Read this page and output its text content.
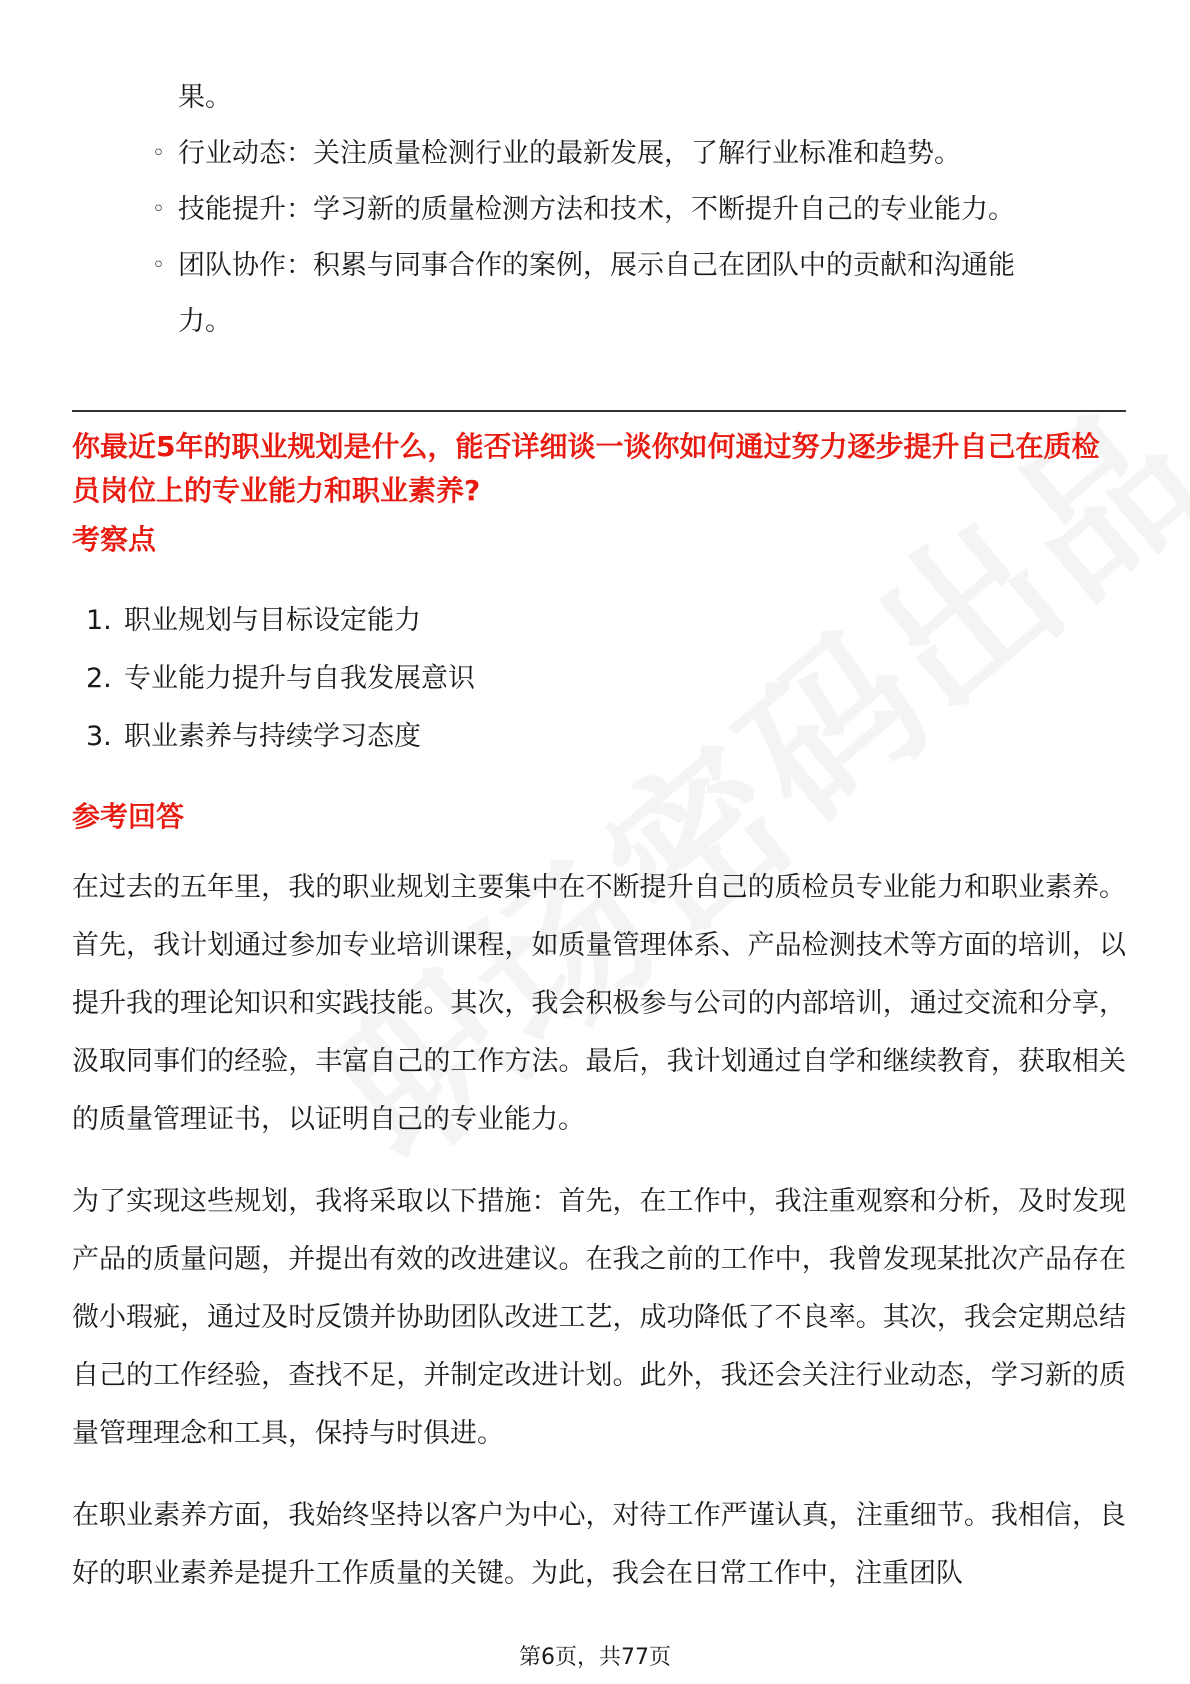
果。
◦ 行业动态：关注质量检测行业的最新发展，了解行业标准和趋势。
◦ 技能提升：学习新的质量检测方法和技术，不断提升自己的专业能力。
◦ 团队协作：积累与同事合作的案例，展示自己在团队中的贡献和沟通能
力。
你最近5年的职业规划是什么，能否详细谈一谈你如何通过努力逐步提升自己在质检员岗位上的专业能力和职业素养?
考察点
1. 职业规划与目标设定能力
2. 专业能力提升与自我发展意识
3. 职业素养与持续学习态度
参考回答
在过去的五年里，我的职业规划主要集中在不断提升自己的质检员专业能力和职业素养。首先，我计划通过参加专业培训课程，如质量管理体系、产品检测技术等方面的培训，以提升我的理论知识和实践技能。其次，我会积极参与公司的内部培训，通过交流和分享，汲取同事们的经验，丰富自己的工作方法。最后，我计划通过自学和继续教育，获取相关的质量管理证书，以证明自己的专业能力。
为了实现这些规划，我将采取以下措施：首先，在工作中，我注重观察和分析，及时发现产品的质量问题，并提出有效的改进建议。在我之前的工作中，我曾发现某批次产品存在微小瑕疵，通过及时反馈并协助团队改进工艺，成功降低了不良率。其次，我会定期总结自己的工作经验，查找不足，并制定改进计划。此外，我还会关注行业动态，学习新的质量管理理念和工具，保持与时俱进。
在职业素养方面，我始终坚持以客户为中心，对待工作严谨认真，注重细节。我相信，良好的职业素养是提升工作质量的关键。为此，我会在日常工作中，注重团队
第6页，共77页
